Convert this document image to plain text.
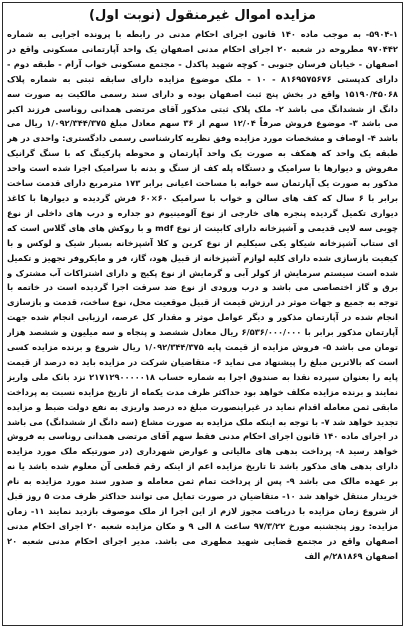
مزایده اموال غیرمنقول (نوبت اول)

۵۹۰۴-۱- به موجب ماده ۱۴۰ قانون اجرای احکام مدنی در رابطه با پرونده اجرایی به شماره ۹۷۰۴۴۲ مطروحه در شعبه ۲۰ اجرای احکام مدنی اصفهان یک واحد آپارتمانی مسکونی واقع در اصفهان - خیابان فرسان جنوبی - کوچه شهید پاکدل - مجتمع مسکونی خواب آرام - طبقه دوم - دارای کدپستی ۸۱۶۹۵۷۵۶۷۶ - ۱۰ - ملک موضوع مزایده دارای سابقه ثبتی به شماره پلاک ۱۵۱۹۰/۴۵۰۶۸ واقع در بخش پنج ثبت اصفهان بوده و دارای سند رسمی مالکیت به صورت سه دانگ از ششدانگ می باشد ۲- ملک پلاک ثبتی مذکور آقای مرتضی همدانی روناسی فرزند اکبر می باشد ۳- موضوع فروش صرفاً ۱۲/۰۴ سهم از ۳۶ سهم معادل مبلغ ۱/۰۹۲/۳۴۴/۳۷۵ ریال می باشد ۴- اوصاف و مشخصات مورد مزایده وفق نظریه کارشناسی رسمی دادگستری: واحدی در هر طبقه یک واحد که همکف به صورت یک واحد آپارتمان و محوطه پارکینگ که با سنگ گرانیک مفروش و دیوارها با سرامیک و دستگاه پله کف از سنگ و بدنه با سرامیک اجرا شده است واحد مذکور به صورت یک آپارتمان سه خوابه با مساحت اعیانی برابر ۱۷۳ مترمربع دارای قدمت ساخت برابر با ۶ سال که کف های سالن و خواب با سرامیک ۶۰×۶۰ فرش گردیده و دیوارها با کاغذ دیواری تکمیل گردیده پنجره های خارجی از نوع آلومینیوم دو جداره و درب های داخلی از نوع چوبی سه لایی قدیمی و آشپزخانه دارای کابینت از نوع mdf و با روکش های های گلاس است که ای ستاب آشپزخانه شیکاو یکی سیکلیم از نوع کرین و کلا آشپزخانه بسیار شیک و لوکس و با کیفیت بازسازی شده دارای کلیه لوازم آشپزخانه از قبیل هود، گاز، فر و مایکروفر تجهیز و تکمیل شده است سیستم سرمایش از کولر آبی و گرمایش از نوع پکیج و دارای اشتراکات آب مشترک و برق و گاز اختصاصی می باشد و درب ورودی از نوع ضد سرقت اجرا گردیده است در خاتمه با توجه به جمیع و جهات موثر در ارزش قیمت از قبیل موقعیت محل، نوع ساخت، قدمت و بازسازی انجام شده در آپارتمان مذکور و دیگر عوامل موثر و مقدار کل عرصه، ارزیابی انجام شده جهت آپارتمان مذکور برابر با ۶/۵۳۶/۰۰۰/۰۰۰ ریال معادل ششصد و پنجاه و سه میلیون و ششصد هزار تومان می باشد ۵- فروش مزایده از قیمت پایه ۱/۰۹۲/۳۴۴/۳۷۵ ریال شروع و برنده مزایده کسی است که بالاترین مبلغ را پیشنهاد می نماید ۶- متقاضیان شرکت در مزایده باید ده درصد از قیمت پایه را بعنوان سپرده نقدا به صندوق اجرا به شماره حساب ۲۱۷۱۲۹۰۰۰۰۰۱۸ نزد بانک ملی واریز نمایند و برنده مزایده مکلف خواهد بود حداکثر ظرف مدت یکماه از تاریخ مزایده نسبت به پرداخت مابقی ثمن معامله اقدام نماید در غیراینصورت مبلغ ده درصد واریزی به نفع دولت ضبط و مزایده تجدید خواهد شد ۷- با توجه به اینکه ملک مزایده به صورت مشاع (سه دانگ از ششدانگ) می باشد در اجرای ماده ۱۴۰ قانون اجرای احکام مدنی فقط سهم آقای مرتضی همدانی روناسی به فروش خواهد رسید ۸- پرداخت بدهی های مالیاتی و عوارض شهرداری (در صورتیکه ملک مورد مزایده دارای بدهی های مذکور باشد تا تاریخ مزایده اعم از اینکه رقم قطعی آن معلوم شده باشد یا نه بر عهده مالک می باشد ۹- پس از پرداخت تمام ثمن معامله و صدور سند مورد مزایده به نام خریدار منتقل خواهد شد ۱۰- متقاضیان در صورت تمایل می توانند حداکثر ظرف مدت ۵ روز قبل از شروع زمان مزایده با دریافت مجوز لازم از این اجرا از ملک موصوف بازدید نمایند ۱۱- زمان مزایده: روز پنجشنبه مورخ ۹۷/۳/۲۲ ساعت ۸ الی ۹ و مکان مزایده شعبه ۲۰ اجرای احکام مدنی اصفهان واقع در مجتمع قضایی شهید مطهری می باشد. مدیر اجرای احکام مدنی شعبه ۲۰ اصفهان ۲۸۱۸۶۹/م الف
